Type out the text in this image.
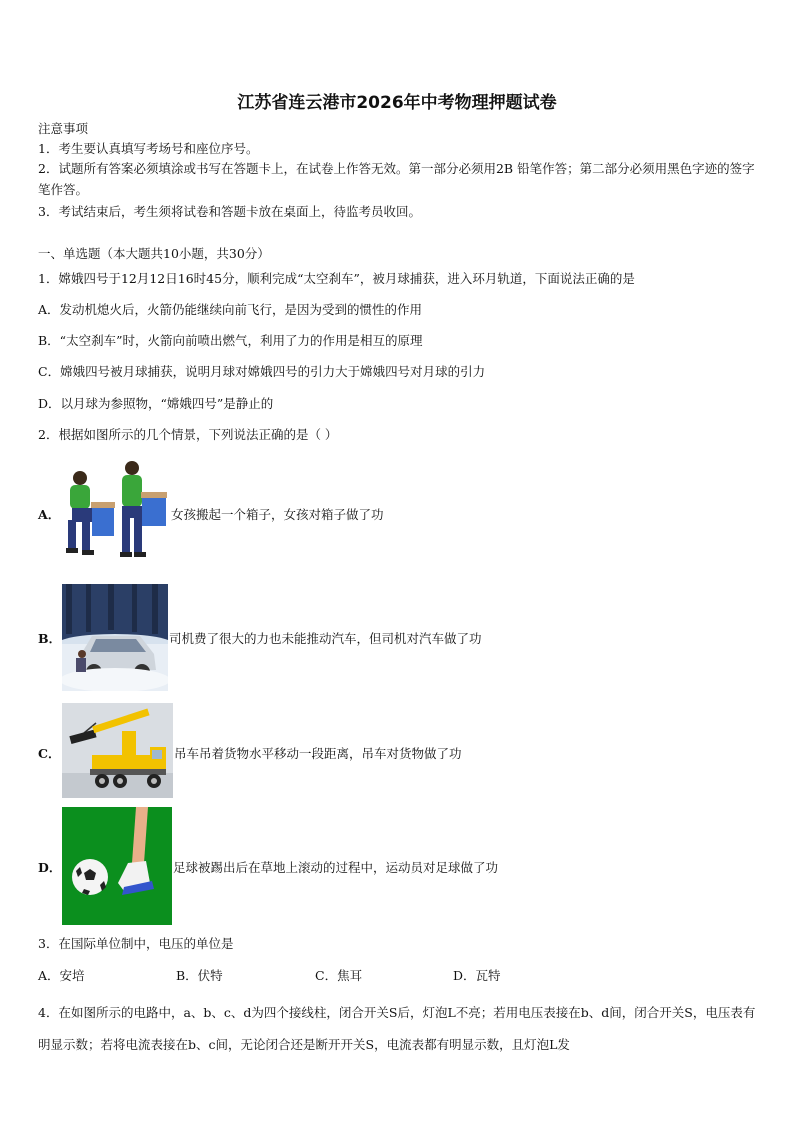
江苏省连云港市2026年中考物理押题试卷
注意事项
1．考生要认真填写考场号和座位序号。
2．试题所有答案必须填涂或书写在答题卡上，在试卷上作答无效。第一部分必须用2B 铅笔作答；第二部分必须用黑色字迹的签字笔作答。
3．考试结束后，考生须将试卷和答题卡放在桌面上，待监考员收回。
一、单选题（本大题共10小题，共30分）
1．嫦娥四号于12月12日16时45分，顺利完成“太空刹车”，被月球捕获，进入环月轨道，下面说法正确的是
A．发动机熄火后，火箭仍能继续向前飞行，是因为受到的惯性的作用
B．“太空刹车”时，火箭向前喷出燃气，利用了力的作用是相互的原理
C．嫦娥四号被月球捕获，说明月球对嫦娥四号的引力大于嫦娥四号对月球的引力
D．以月球为参照物，“嫦娥四号”是静止的
2．根据如图所示的几个情景，下列说法正确的是（ ）
A．	女孩搬起一个箱子，女孩对箱子做了功
B．	司机费了很大的力也未能推动汽车，但司机对汽车做了功
C．	吊车吊着货物水平移动一段距离，吊车对货物做了功
D．	足球被踢出后在草地上滚动的过程中，运动员对足球做了功
3．在国际单位制中，电压的单位是
A．安培	B．伏特	C．焦耳	D．瓦特
4．在如图所示的电路中，a、b、c、d为四个接线柱，闭合开关S后，灯泡L不亮；若用电压表接在b、d间，闭合开关S，电压表有明显示数；若将电流表接在b、c间，无论闭合还是断开开关S，电流表都有明显示数，且灯泡L发
